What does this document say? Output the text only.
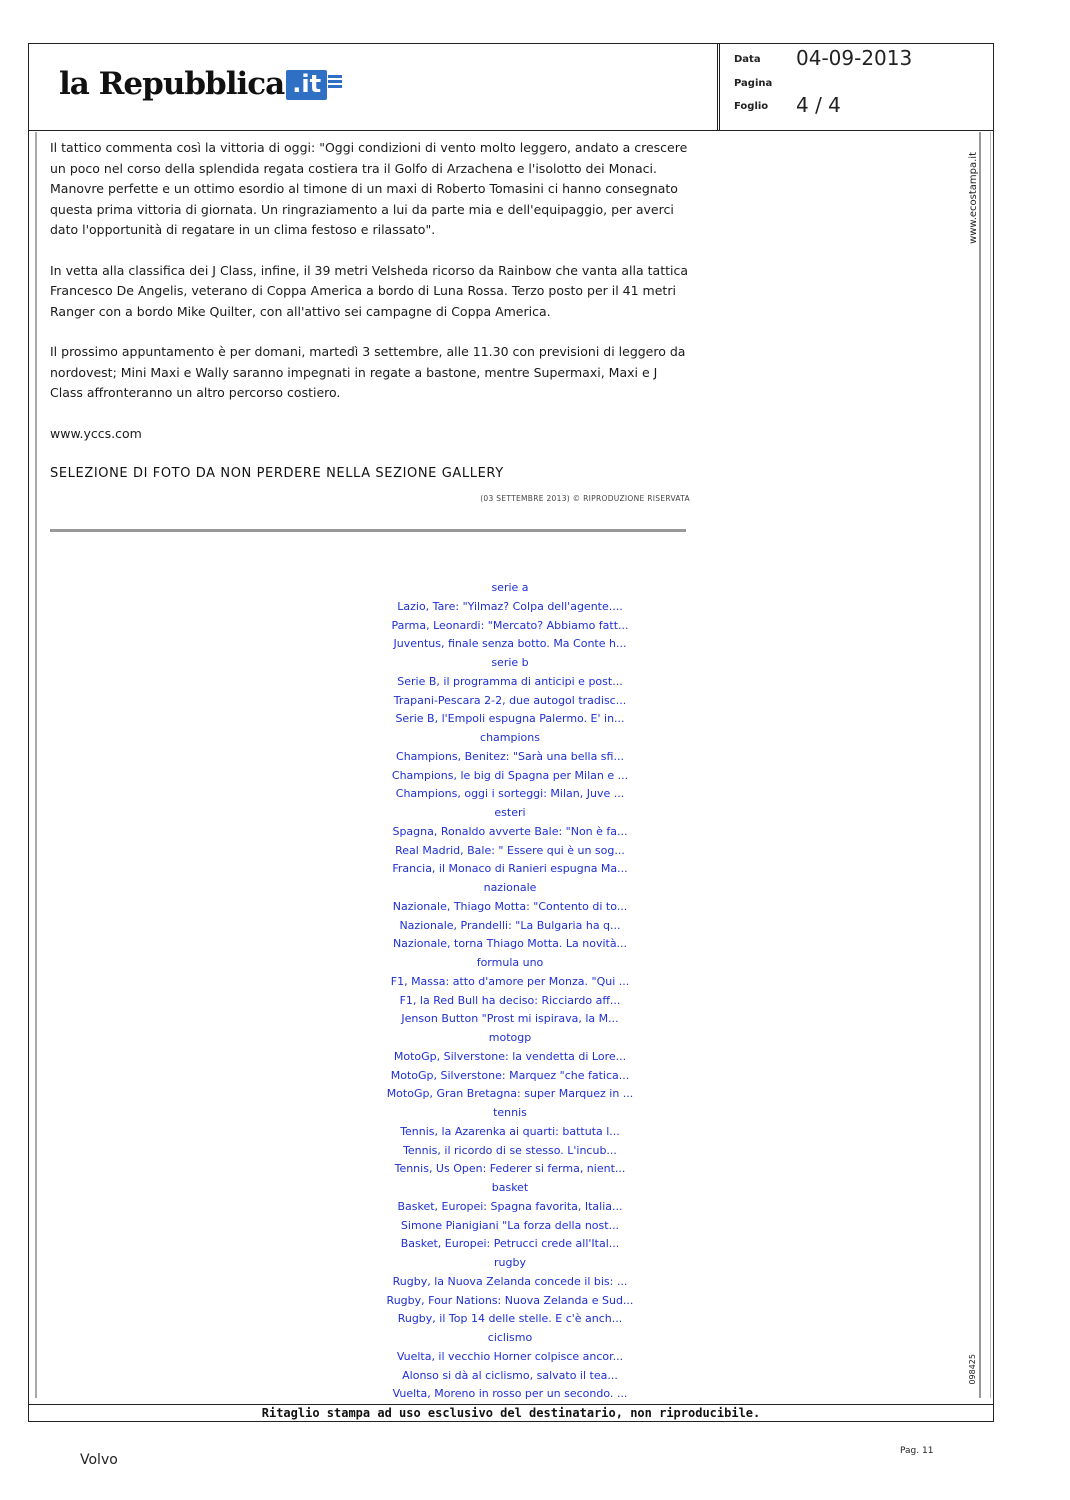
la Repubblica .it
Data 04-09-2013
Pagina
Foglio 4 / 4
www.ecostampa.it
098425

Il tattico commenta così la vittoria di oggi: "Oggi condizioni di vento molto leggero, andato a crescere un poco nel corso della splendida regata costiera tra il Golfo di Arzachena e l'isolotto dei Monaci. Manovre perfette e un ottimo esordio al timone di un maxi di Roberto Tomasini ci hanno consegnato questa prima vittoria di giornata. Un ringraziamento a lui da parte mia e dell'equipaggio, per averci dato l'opportunità di regatare in un clima festoso e rilassato".

In vetta alla classifica dei J Class, infine, il 39 metri Velsheda ricorso da Rainbow che vanta alla tattica Francesco De Angelis, veterano di Coppa America a bordo di Luna Rossa. Terzo posto per il 41 metri Ranger con a bordo Mike Quilter, con all'attivo sei campagne di Coppa America.

Il prossimo appuntamento è per domani, martedì 3 settembre, alle 11.30 con previsioni di leggero da nordovest; Mini Maxi e Wally saranno impegnati in regate a bastone, mentre Supermaxi, Maxi e J Class affronteranno un altro percorso costiero.

www.yccs.com

SELEZIONE DI FOTO DA NON PERDERE NELLA SEZIONE GALLERY
(03 SETTEMBRE 2013) © RIPRODUZIONE RISERVATA
serie a
Lazio, Tare: "Yilmaz? Colpa dell'agente....
Parma, Leonardi: "Mercato? Abbiamo fatt...
Juventus, finale senza botto. Ma Conte h...
serie b
Serie B, il programma di anticipi e post...
Trapani-Pescara 2-2, due autogol tradisc...
Serie B, l'Empoli espugna Palermo. E' in...
champions
Champions, Benitez: "Sarà una bella sfi...
Champions, le big di Spagna per Milan e ...
Champions, oggi i sorteggi: Milan, Juve ...
esteri
Spagna, Ronaldo avverte Bale: "Non è fa...
Real Madrid, Bale: " Essere qui è un sog...
Francia, il Monaco di Ranieri espugna Ma...
nazionale
Nazionale, Thiago Motta: "Contento di to...
Nazionale, Prandelli: "La Bulgaria ha q...
Nazionale, torna Thiago Motta. La novità...
formula uno
F1, Massa: atto d'amore per Monza. "Qui ...
F1, la Red Bull ha deciso: Ricciardo aff...
Jenson Button "Prost mi ispirava, la M...
motogp
MotoGp, Silverstone: la vendetta di Lore...
MotoGp, Silverstone: Marquez "che fatica...
MotoGp, Gran Bretagna: super Marquez in ...
tennis
Tennis, la Azarenka ai quarti: battuta l...
Tennis, il ricordo di se stesso. L'incub...
Tennis, Us Open: Federer si ferma, nient...
basket
Basket, Europei: Spagna favorita, Italia...
Simone Pianigiani "La forza della nost...
Basket, Europei: Petrucci crede all'Ital...
rugby
Rugby, la Nuova Zelanda concede il bis: ...
Rugby, Four Nations: Nuova Zelanda e Sud...
Rugby, il Top 14 delle stelle. E c'è anch...
ciclismo
Vuelta, il vecchio Horner colpisce ancor...
Alonso si dà al ciclismo, salvato il tea...
Vuelta, Moreno in rosso per un secondo. ...
Ritaglio stampa ad uso esclusivo del destinatario, non riproducibile.
Volvo
Pag. 11
